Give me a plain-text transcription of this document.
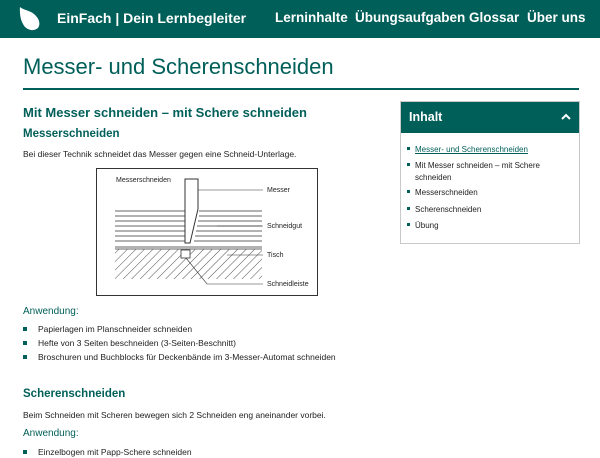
EinFach | Dein Lernbegleiter Lerninhalte Übungsaufgaben Glossar Über uns
Messer- und Scherenschneiden
Mit Messer schneiden – mit Schere schneiden
Messerschneiden

Bei dieser Technik schneidet das Messer gegen eine Schneid-Unterlage.

Messerschneiden
Messer
Schneidgut
Tisch
Schneidleiste
Anwendung:
Papierlagen im Planschneider schneiden
Hefte von 3 Seiten beschneiden (3-Seiten-Beschnitt)
Broschuren und Buchblocks für Deckenbände im 3-Messer-Automat schneiden
Scherenschneiden

Beim Schneiden mit Scheren bewegen sich 2 Schneiden eng aneinander vorbei.

Anwendung:
Einzelbogen mit Papp-Schere schneiden
Inhalt
Messer- und Scherenschneiden
Mit Messer schneiden – mit Schere schneiden
Messerschneiden
Scherenschneiden
Übung
